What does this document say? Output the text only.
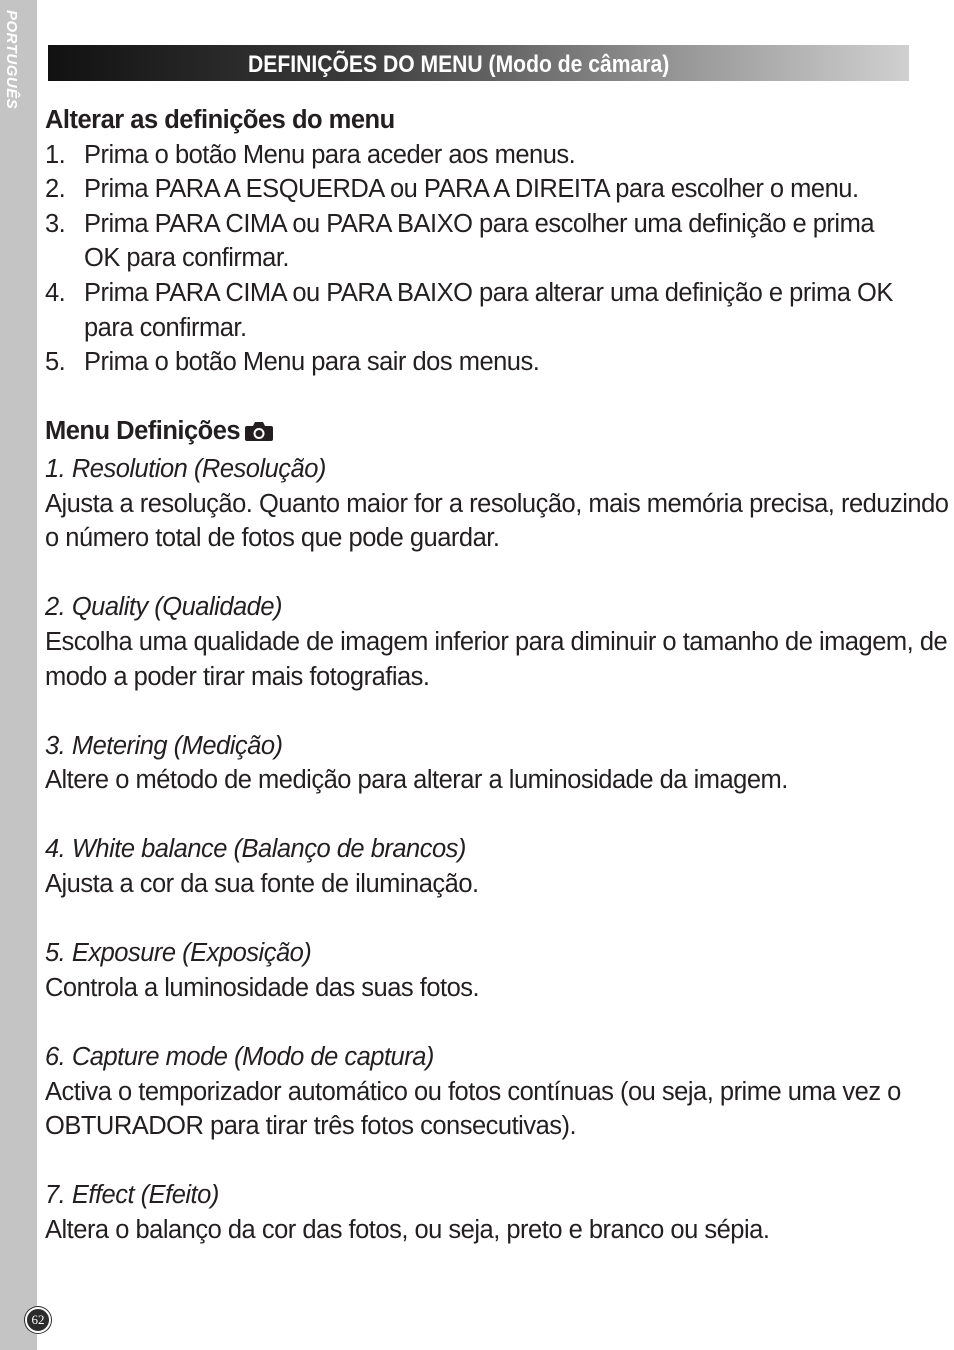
PORTUGUÊS
62
DEFINIÇÕES DO MENU (Modo de câmara)

Alterar as definições do menu

1. Prima o botão Menu para aceder aos menus.
2. Prima PARA A ESQUERDA ou PARA A DIREITA para escolher o menu.
3. Prima PARA CIMA ou PARA BAIXO para escolher uma definição e prima OK para confirmar.
4. Prima PARA CIMA ou PARA BAIXO para alterar uma definição e prima OK para confirmar.
5. Prima o botão Menu para sair dos menus.

Menu Definições

1. Resolution (Resolução)

Ajusta a resolução. Quanto maior for a resolução, mais memória precisa, reduzindo

o número total de fotos que pode guardar.

2. Quality (Qualidade)

Escolha uma qualidade de imagem inferior para diminuir o tamanho de imagem, de

modo a poder tirar mais fotografias.

3. Metering (Medição)

Altere o método de medição para alterar a luminosidade da imagem.

4. White balance (Balanço de brancos)

Ajusta a cor da sua fonte de iluminação.

5. Exposure (Exposição)

Controla a luminosidade das suas fotos.

6. Capture mode (Modo de captura)

Activa o temporizador automático ou fotos contínuas (ou seja, prime uma vez o

OBTURADOR para tirar três fotos consecutivas).

7. Effect (Efeito)

Altera o balanço da cor das fotos, ou seja, preto e branco ou sépia.
